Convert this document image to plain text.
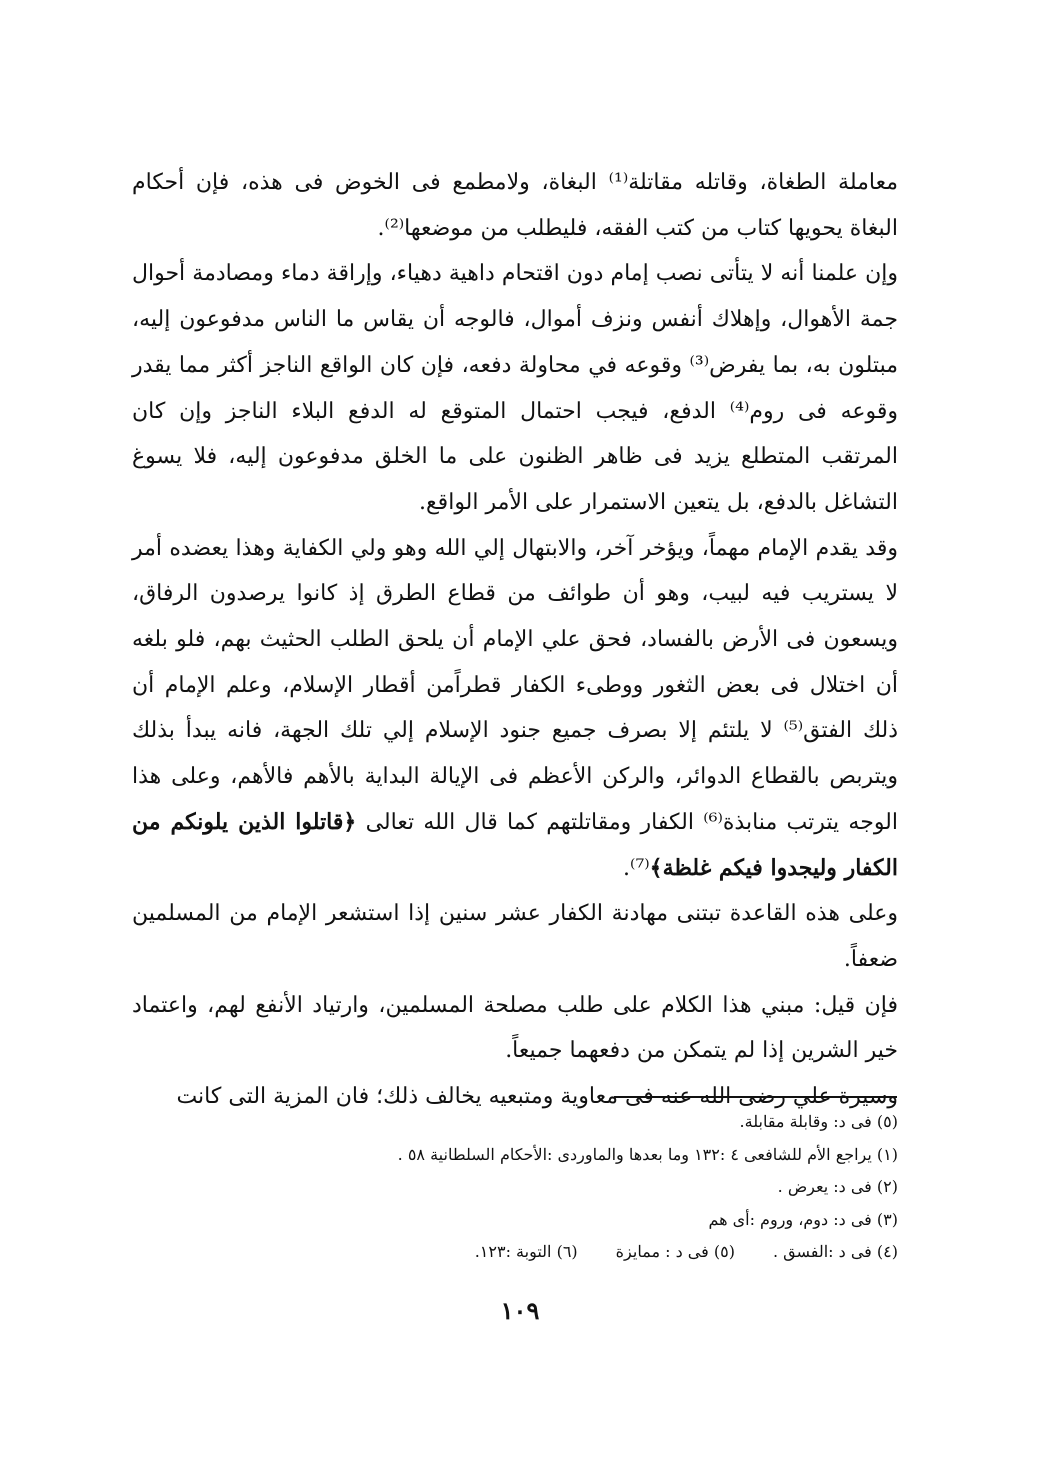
معاملة الطغاة، وقاتله مقاتلة⁽¹⁾ البغاة، ولامطمع فى الخوض فى هذه، فإن أحكام البغاة يحويها كتاب من كتب الفقه، فليطلب من موضعها⁽²⁾.

وإن علمنا أنه لا يتأتى نصب إمام دون اقتحام داهية دهياء، وإراقة دماء ومصادمة أحوال جمة الأهوال، وإهلاك أنفس ونزف أموال، فالوجه أن يقاس ما الناس مدفوعون إليه، مبتلون به، بما يفرض⁽³⁾ وقوعه في محاولة دفعه، فإن كان الواقع الناجز أكثر مما يقدر وقوعه فى روم⁽⁴⁾ الدفع، فيجب احتمال المتوقع له الدفع البلاء الناجز وإن كان المرتقب المتطلع يزيد فى ظاهر الظنون على ما الخلق مدفوعون إليه، فلا يسوغ التشاغل بالدفع، بل يتعين الاستمرار على الأمر الواقع.

وقد يقدم الإمام مهماً، ويؤخر آخر، والابتهال إلي الله وهو ولي الكفاية وهذا يعضده أمر لا يستريب فيه لبيب، وهو أن طوائف من قطاع الطرق إذ كانوا يرصدون الرفاق، ويسعون فى الأرض بالفساد، فحق علي الإمام أن يلحق الطلب الحثيث بهم، فلو بلغه أن اختلال فى بعض الثغور ووطىء الكفار قطراًمن أقطار الإسلام، وعلم الإمام أن ذلك الفتق⁽⁵⁾ لا يلتئم إلا بصرف جميع جنود الإسلام إلي تلك الجهة، فانه يبدأ بذلك ويتربص بالقطاع الدوائر، والركن الأعظم فى الإيالة البداية بالأهم فالأهم، وعلى هذا الوجه يترتب منابذة⁽⁶⁾ الكفار ومقاتلتهم كما قال الله تعالى ﴿قاتلوا الذين يلونكم من الكفار وليجدوا فيكم غلظة﴾⁽⁷⁾.

وعلى هذه القاعدة تبتنى مهادنة الكفار عشر سنين إذا استشعر الإمام من المسلمين ضعفاً.

فإن قيل: مبني هذا الكلام على طلب مصلحة المسلمين، وارتياد الأنفع لهم، واعتماد خير الشرين إذا لم يتمكن من دفعهما جميعاً.

وسيرة علي رضى الله عنه فى معاوية ومتبعيه يخالف ذلك؛ فان المزية التى كانت

(٥) فى د: وقابلة مقابلة.

(١) يراجع الأم للشافعى ٤ :١٣٢ وما بعدها والماوردى :الأحكام السلطانية ٥٨ .

(٢) فى د: يعرض .

(٣) فى د: دوم، وروم :أى هم

(٤) فى د :الفسق .
(٥) فى د : ممايزة
(٦) التوبة :١٢٣.
١٠٩
